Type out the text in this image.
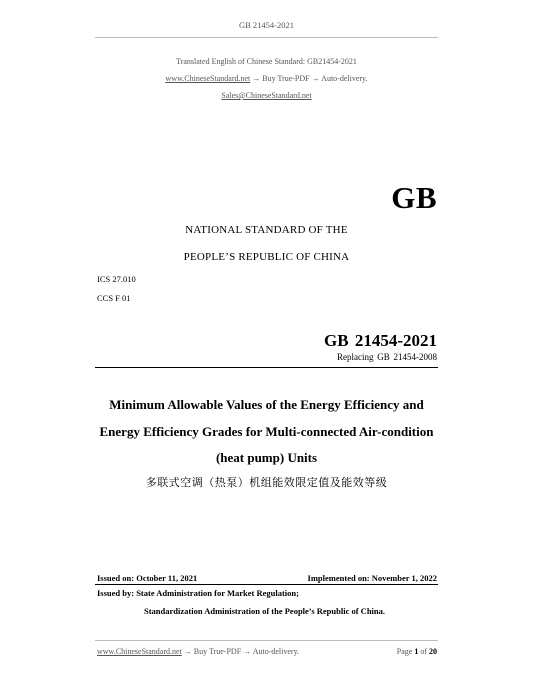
GB 21454-2021
Translated English of Chinese Standard: GB21454-2021
www.ChineseStandard.net → Buy True-PDF → Auto-delivery.
Sales@ChineseStandard.net
GB
NATIONAL STANDARD OF THE
PEOPLE’S REPUBLIC OF CHINA
ICS 27.010
CCS F 01
GB 21454-2021
Replacing GB 21454-2008
Minimum Allowable Values of the Energy Efficiency and
Energy Efficiency Grades for Multi-connected Air-condition
(heat pump) Units
多联式空调（热泵）机组能效限定值及能效等级
Issued on: October 11, 2021	Implemented on: November 1, 2022
Issued by: State Administration for Market Regulation;
Standardization Administration of the People’s Republic of China.
www.ChineseStandard.net → Buy True-PDF → Auto-delivery.	Page 1 of 20
